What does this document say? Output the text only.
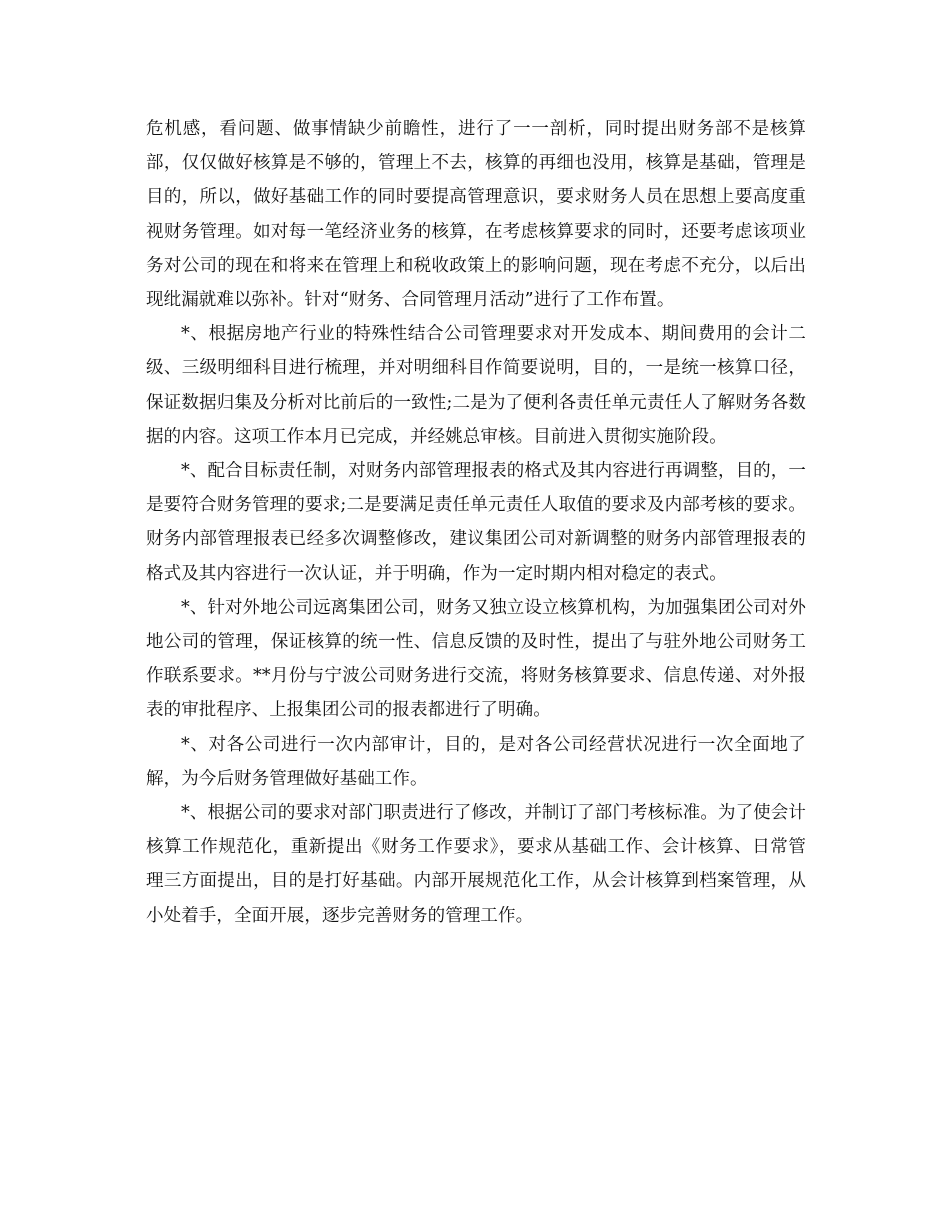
危机感，看问题、做事情缺少前瞻性，进行了一一剖析，同时提出财务部不是核算部，仅仅做好核算是不够的，管理上不去，核算的再细也没用，核算是基础，管理是目的，所以，做好基础工作的同时要提高管理意识，要求财务人员在思想上要高度重视财务管理。如对每一笔经济业务的核算，在考虑核算要求的同时，还要考虑该项业务对公司的现在和将来在管理上和税收政策上的影响问题，现在考虑不充分，以后出现纰漏就难以弥补。针对“财务、合同管理月活动”进行了工作布置。

*、根据房地产行业的特殊性结合公司管理要求对开发成本、期间费用的会计二级、三级明细科目进行梳理，并对明细科目作简要说明，目的，一是统一核算口径，保证数据归集及分析对比前后的一致性;二是为了便利各责任单元责任人了解财务各数据的内容。这项工作本月已完成，并经姚总审核。目前进入贯彻实施阶段。

*、配合目标责任制，对财务内部管理报表的格式及其内容进行再调整，目的，一是要符合财务管理的要求;二是要满足责任单元责任人取值的要求及内部考核的要求。财务内部管理报表已经多次调整修改，建议集团公司对新调整的财务内部管理报表的格式及其内容进行一次认证，并于明确，作为一定时期内相对稳定的表式。

*、针对外地公司远离集团公司，财务又独立设立核算机构，为加强集团公司对外地公司的管理，保证核算的统一性、信息反馈的及时性，提出了与驻外地公司财务工作联系要求。**月份与宁波公司财务进行交流，将财务核算要求、信息传递、对外报表的审批程序、上报集团公司的报表都进行了明确。

*、对各公司进行一次内部审计，目的，是对各公司经营状况进行一次全面地了解，为今后财务管理做好基础工作。

*、根据公司的要求对部门职责进行了修改，并制订了部门考核标准。为了使会计核算工作规范化，重新提出《财务工作要求》，要求从基础工作、会计核算、日常管理三方面提出，目的是打好基础。内部开展规范化工作，从会计核算到档案管理，从小处着手，全面开展，逐步完善财务的管理工作。
